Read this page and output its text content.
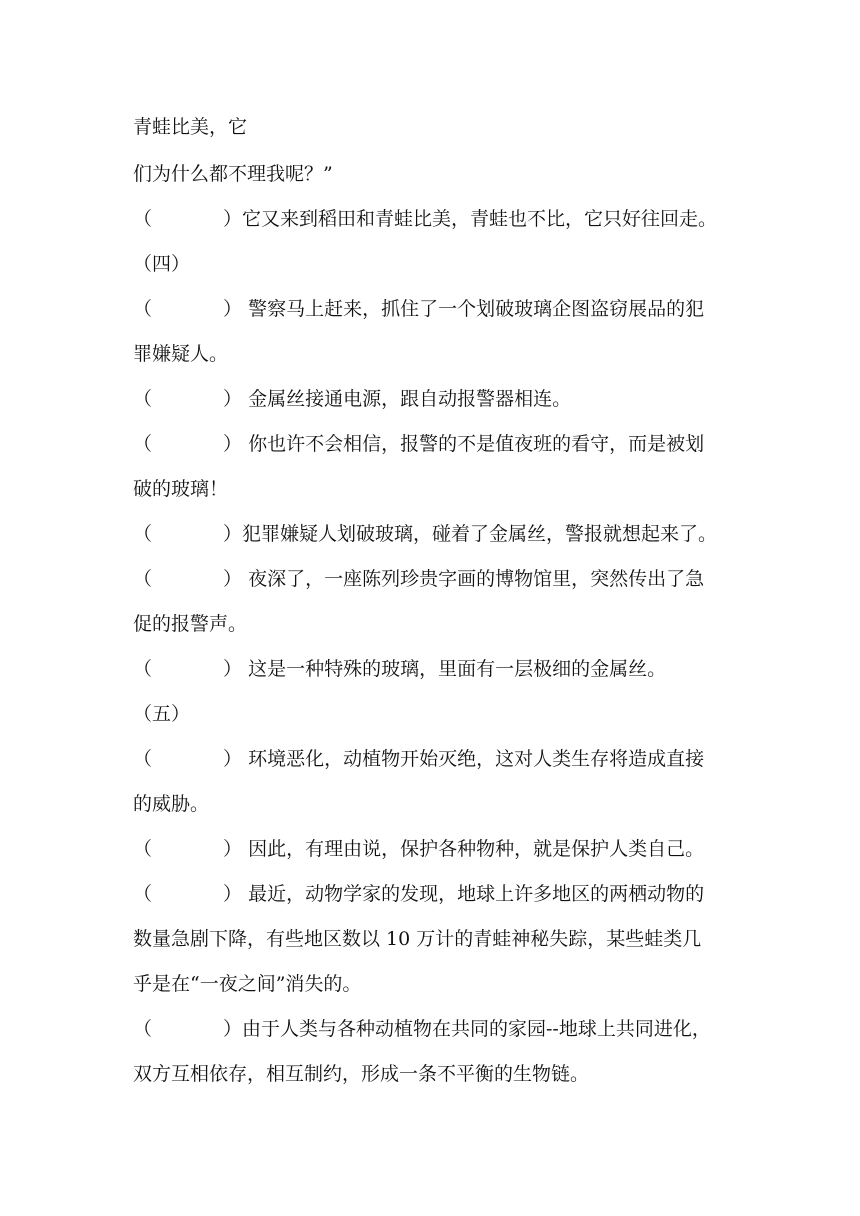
青蛙比美，它
们为什么都不理我呢？”
（	）它又来到稻田和青蛙比美，青蛙也不比，它只好往回走。
（四）
（	） 警察马上赶来，抓住了一个划破玻璃企图盗窃展品的犯
罪嫌疑人。
（	） 金属丝接通电源，跟自动报警器相连。
（	） 你也许不会相信，报警的不是值夜班的看守，而是被划
破的玻璃！
（	）犯罪嫌疑人划破玻璃，碰着了金属丝，警报就想起来了。
（	） 夜深了，一座陈列珍贵字画的博物馆里，突然传出了急
促的报警声。
（	） 这是一种特殊的玻璃，里面有一层极细的金属丝。
（五）
（	） 环境恶化，动植物开始灭绝，这对人类生存将造成直接
的威胁。
（	） 因此，有理由说，保护各种物种，就是保护人类自己。
（	） 最近，动物学家的发现，地球上许多地区的两栖动物的
数量急剧下降，有些地区数以 10 万计的青蛙神秘失踪，某些蛙类几
乎是在“一夜之间”消失的。
（	）由于人类与各种动植物在共同的家园--地球上共同进化，
双方互相依存，相互制约，形成一条不平衡的生物链。
